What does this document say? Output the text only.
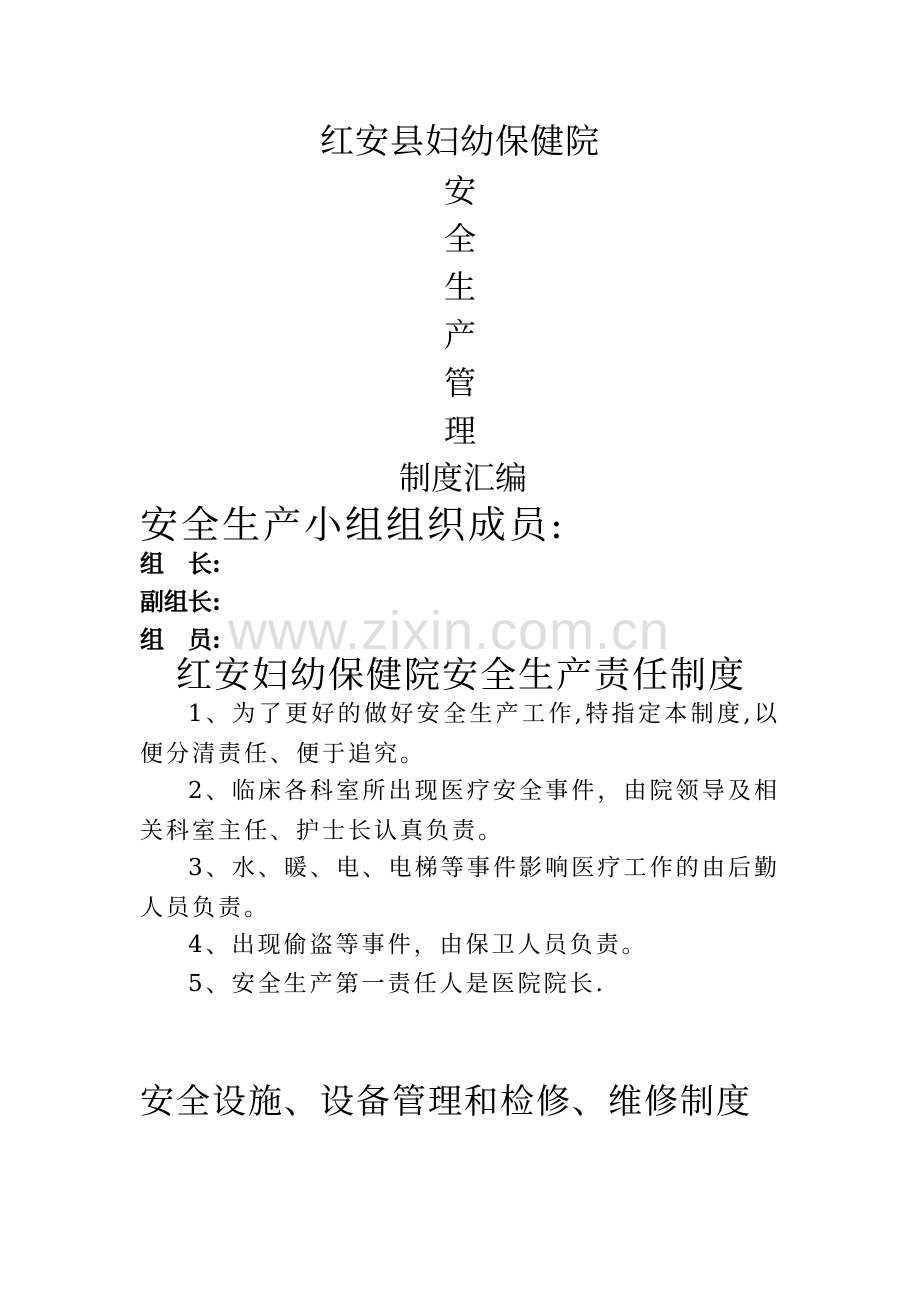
红安县妇幼保健院
安
全
生
产
管
理
制度汇编
安全生产小组组织成员:
组　长:
副组长:
组　员: www.zixin.com.cn
红安妇幼保健院安全生产责任制度
1、为了更好的做好安全生产工作,特指定本制度,以便分清责任、便于追究。
2、临床各科室所出现医疗安全事件，由院领导及相关科室主任、护士长认真负责。
3、水、暖、电、电梯等事件影响医疗工作的由后勤人员负责。
4、出现偷盗等事件，由保卫人员负责。
5、安全生产第一责任人是医院院长.
安全设施、设备管理和检修、维修制度
